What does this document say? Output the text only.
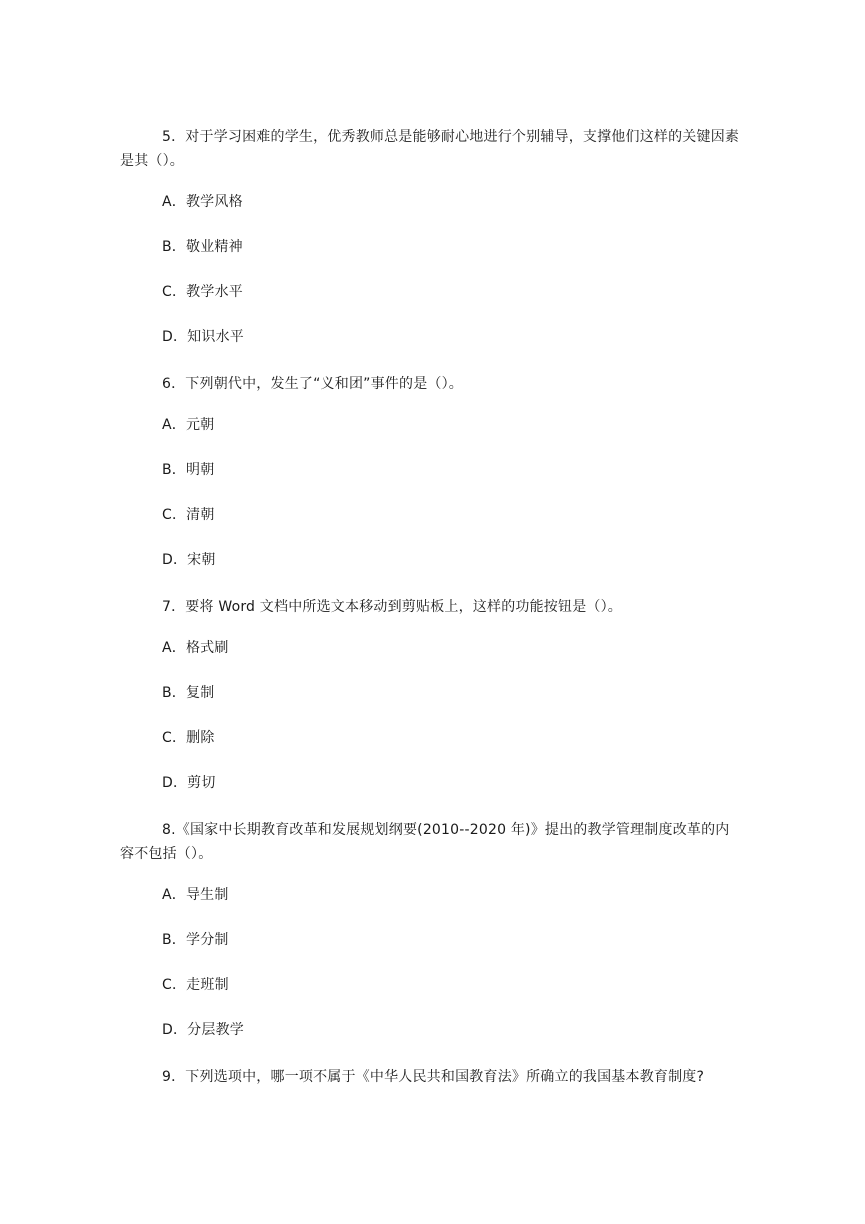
5．对于学习困难的学生，优秀教师总是能够耐心地进行个别辅导，支撑他们这样的关键因素是其（）。

A．教学风格

B．敬业精神

C．教学水平

D．知识水平

6．下列朝代中，发生了“义和团”事件的是（）。

A．元朝

B．明朝

C．清朝

D．宋朝

7．要将 Word 文档中所选文本移动到剪贴板上，这样的功能按钮是（）。

A．格式刷

B．复制

C．删除

D．剪切

8.《国家中长期教育改革和发展规划纲要(2010--2020 年)》提出的教学管理制度改革的内容不包括（）。

A．导生制

B．学分制

C．走班制

D．分层教学

9．下列选项中，哪一项不属于《中华人民共和国教育法》所确立的我国基本教育制度?
